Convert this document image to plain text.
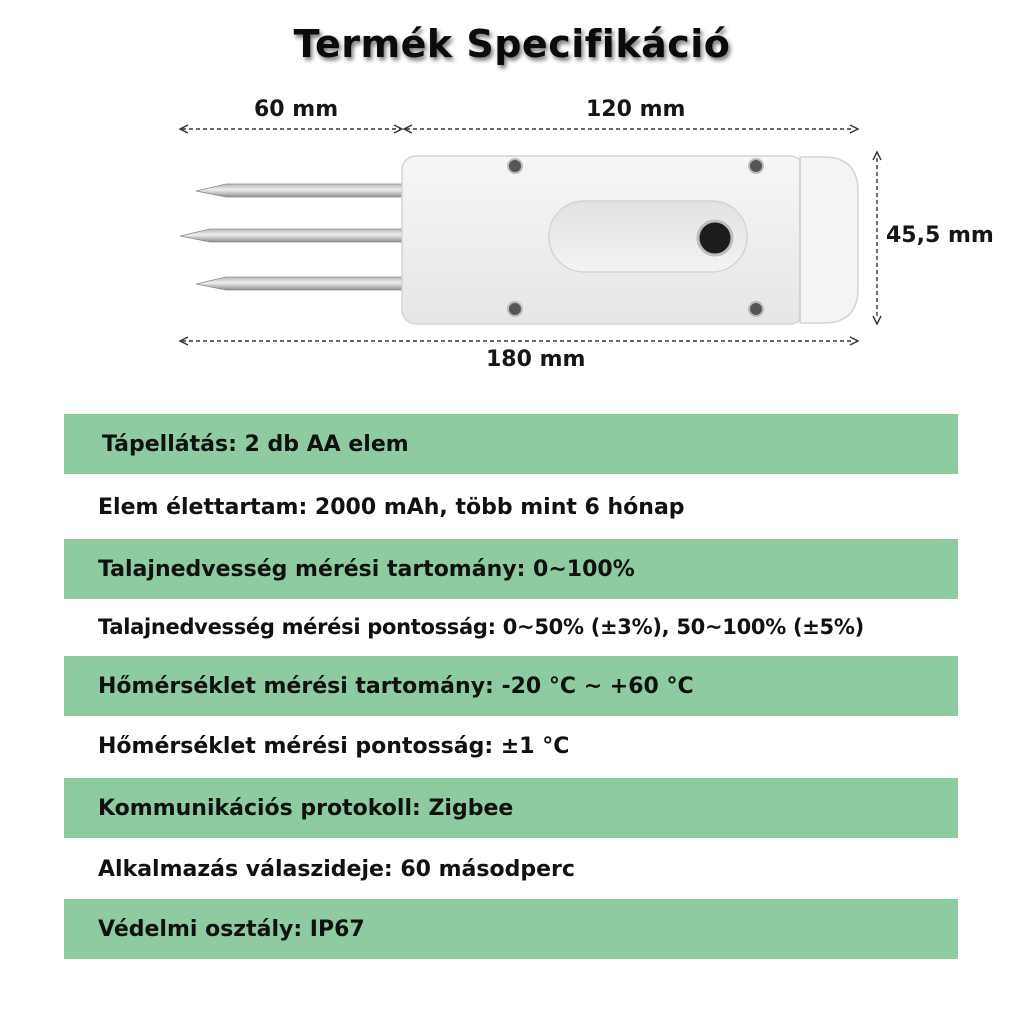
Termék Specifikáció
60 mm	120 mm
45,5 mm
180 mm
Tápellátás: 2 db AA elem
Elem élettartam: 2000 mAh, több mint 6 hónap
Talajnedvesség mérési tartomány: 0~100%
Talajnedvesség mérési pontosság: 0~50% (±3%), 50~100% (±5%)
Hőmérséklet mérési tartomány: -20 °C ~ +60 °C
Hőmérséklet mérési pontosság: ±1 °C
Kommunikációs protokoll: Zigbee
Alkalmazás válaszideje: 60 másodperc
Védelmi osztály: IP67
